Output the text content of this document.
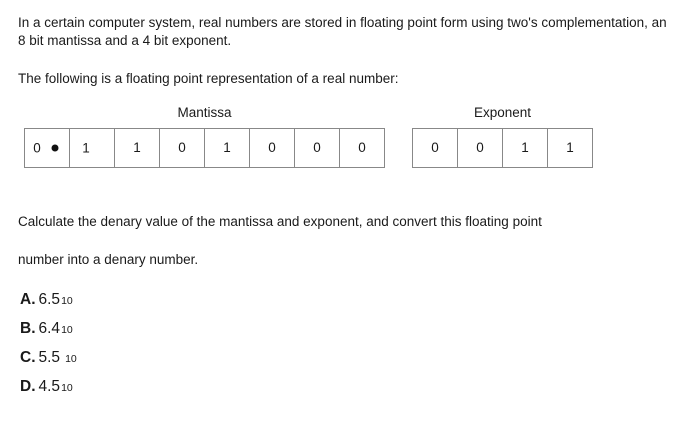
In a certain computer system, real numbers are stored in floating point form using two's complementation, an 8 bit mantissa and a 4 bit exponent.

The following is a floating point representation of a real number:

Mantissa
0	1	1	0	1	0	0	0
Exponent
0	0	1	1

Calculate the denary value of the mantissa and exponent, and convert this floating point
number into a denary number.

A. 6.5 10
B. 6.4 10
C. 5.5 10
D. 4.5 10
